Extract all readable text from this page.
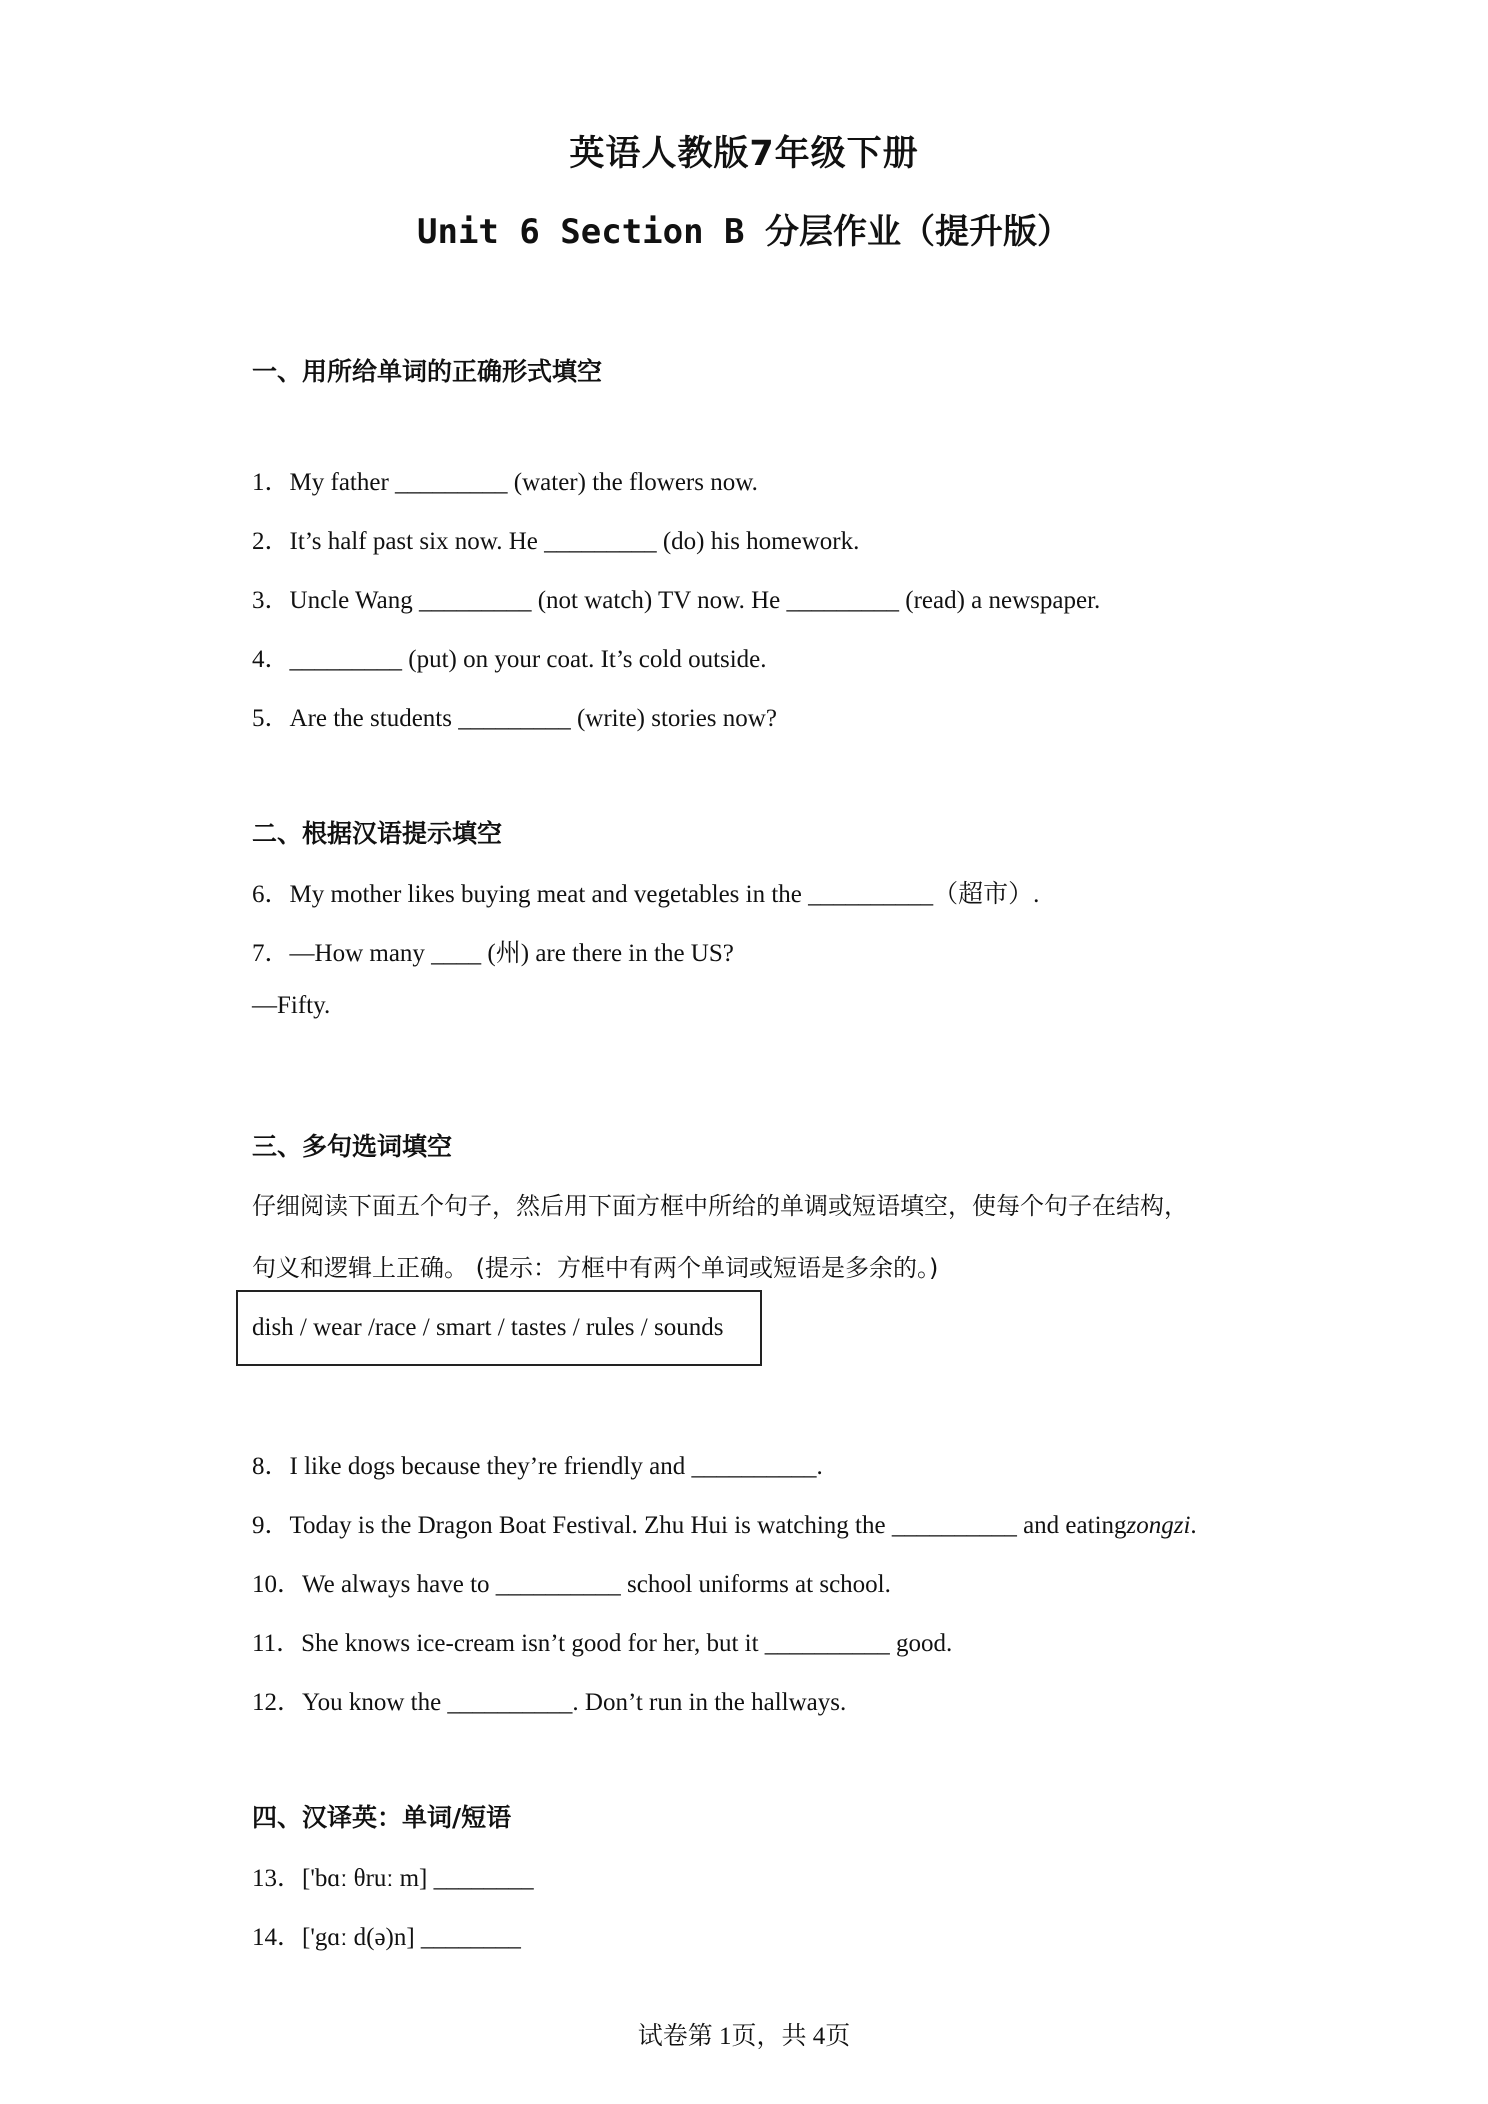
英语人教版7年级下册
Unit 6 Section B 分层作业（提升版）
一、用所给单词的正确形式填空
1．My father _________ (water) the flowers now.
2．It’s half past six now. He _________ (do) his homework.
3．Uncle Wang _________ (not watch) TV now. He _________ (read) a newspaper.
4．_________ (put) on your coat. It’s cold outside.
5．Are the students _________ (write) stories now?
二、根据汉语提示填空
6．My mother likes buying meat and vegetables in the __________（超市）.
7．—How many ____ (州) are there in the US?
—Fifty.
三、多句选词填空
仔细阅读下面五个句子，然后用下面方框中所给的单调或短语填空，使每个句子在结构，
句义和逻辑上正确。 (提示：方框中有两个单词或短语是多余的。)
dish / wear /race / smart / tastes / rules / sounds
8．I like dogs because they’re friendly and __________.
9．Today is the Dragon Boat Festival. Zhu Hui is watching the __________ and eatingzongzi.
10．We always have to __________ school uniforms at school.
11．She knows ice-cream isn’t good for her, but it __________ good.
12．You know the __________. Don’t run in the hallways.
四、汉译英：单词/短语
13．['bɑː θruː m] ________
14．['gɑː d(ə)n] ________
试卷第 1页，共 4页
